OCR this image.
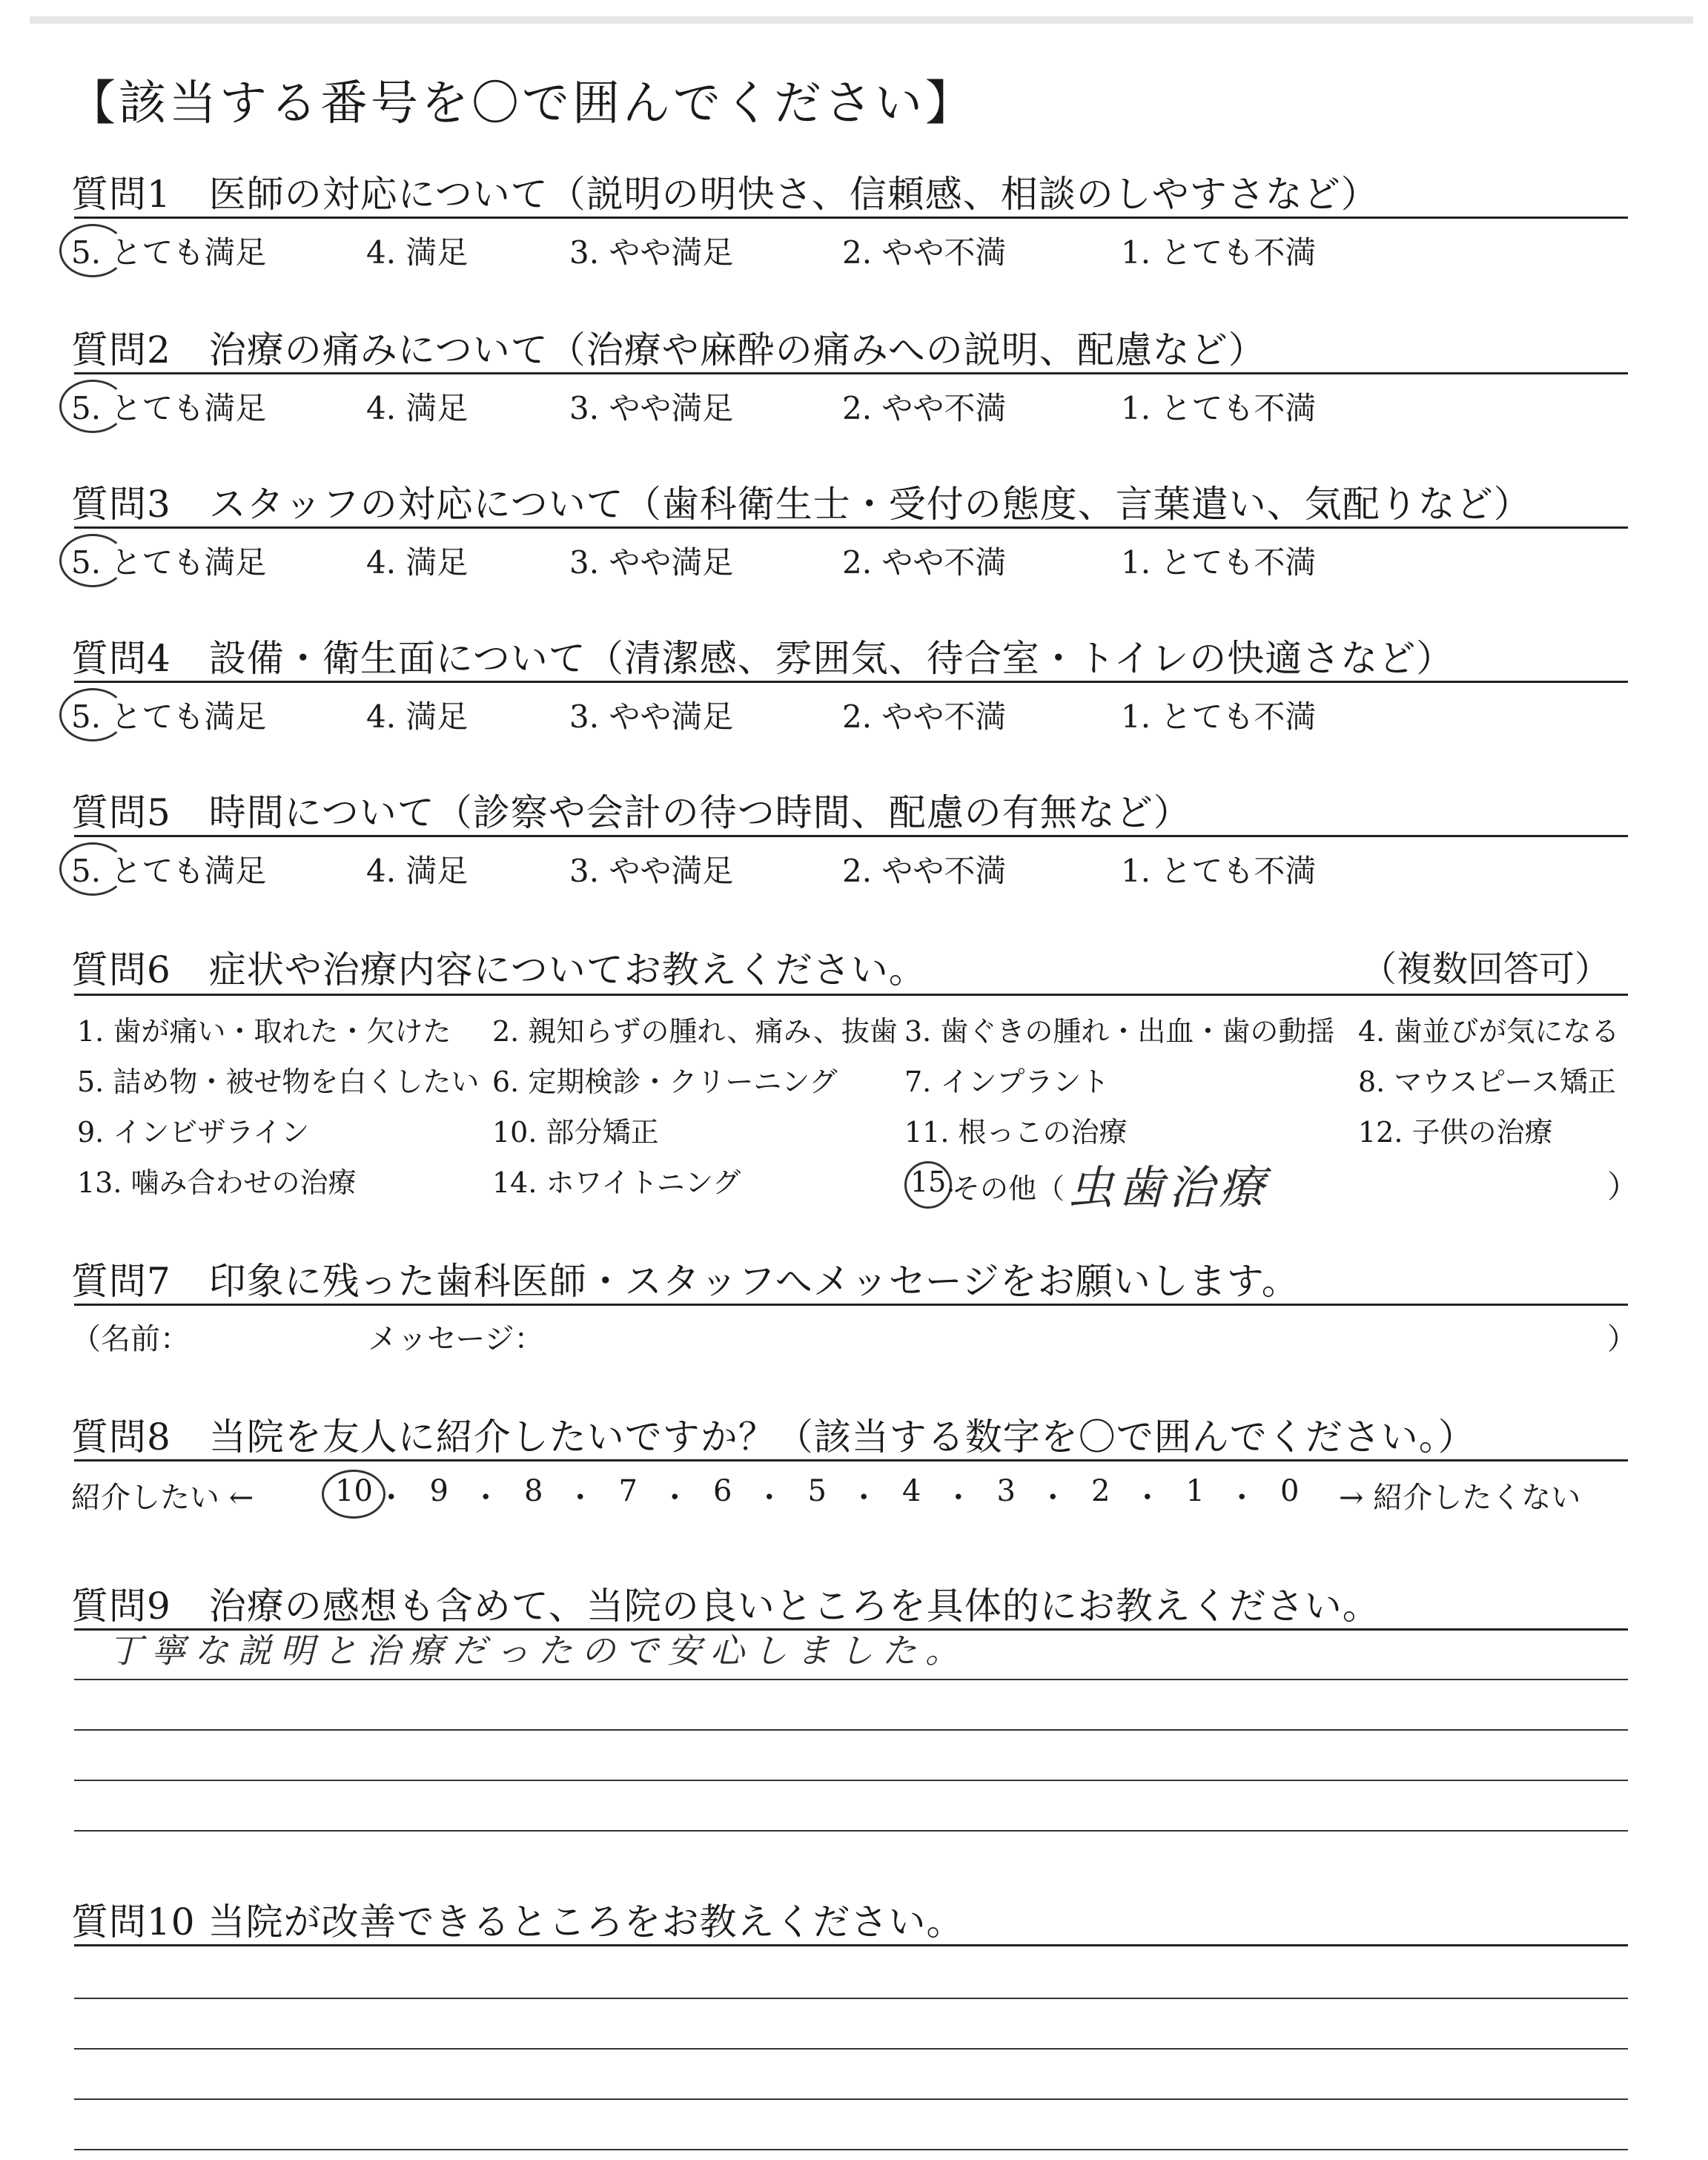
【該当する番号を〇で囲んでください】
質問1　医師の対応について（説明の明快さ、信頼感、相談のしやすさなど）
5. とても満足	4. 満足	3. やや満足	2. やや不満	1. とても不満
質問2　治療の痛みについて（治療や麻酔の痛みへの説明、配慮など）
5. とても満足	4. 満足	3. やや満足	2. やや不満	1. とても不満
質問3　スタッフの対応について（歯科衛生士・受付の態度、言葉遣い、気配りなど）
5. とても満足	4. 満足	3. やや満足	2. やや不満	1. とても不満
質問4　設備・衛生面について（清潔感、雰囲気、待合室・トイレの快適さなど）
5. とても満足	4. 満足	3. やや満足	2. やや不満	1. とても不満
質問5　時間について（診察や会計の待つ時間、配慮の有無など）
5. とても満足	4. 満足	3. やや満足	2. やや不満	1. とても不満
質問6　症状や治療内容についてお教えください。	（複数回答可）
1. 歯が痛い・取れた・欠けた 2. 親知らずの腫れ、痛み、抜歯 3. 歯ぐきの腫れ・出血・歯の動揺 4. 歯並びが気になる
5. 詰め物・被せ物を白くしたい 6. 定期検診・クリーニング 7. インプラント	8. マウスピース矯正
9. インビザライン	10. 部分矯正	11. 根っこの治療	12. 子供の治療
13. 噛み合わせの治療	14. ホワイトニング	15.
その他（ 虫歯治療	）
質問7　印象に残った歯科医師・スタッフへメッセージをお願いします。
（名前：	メッセージ：	）
質問8　当院を友人に紹介したいですか？（該当する数字を〇で囲んでください。）
紹介したい ←	→ 紹介したくない
10 ・ 9 ・ 8 ・ 7 ・ 6 ・ 5 ・ 4 ・ 3 ・ 2 ・ 1 ・ 0
質問9　治療の感想も含めて、当院の良いところを具体的にお教えください。
丁寧な説明と治療だったので安心しました。
質問10 当院が改善できるところをお教えください。
